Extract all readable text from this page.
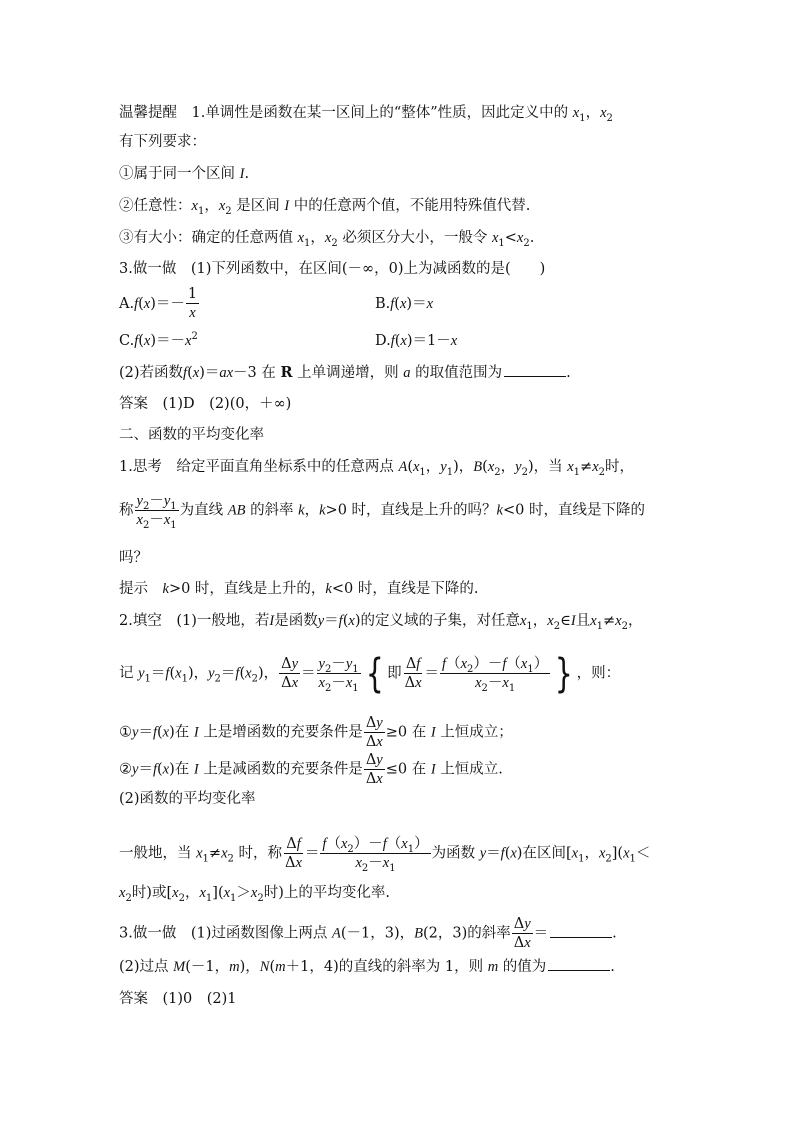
温馨提醒　 1.单调性是函数在某一区间上的“整体”性质，因此定义中的 $x_1$，$x_2$
有下列要求：
①属于同一个区间 I.
②任意性：$x_1$，$x_2$ 是区间 I 中的任意两个值，不能用特殊值代替.
③有大小：确定的任意两值 $x_1$，$x_2$ 必须区分大小，一般令 $x_1<x_2$.
3.做一做　 (1)下列函数中，在区间(－∞，0)上为减函数的是(　　)
$A.f(x)=- \frac{1}{x}$	B.f(x)＝x
$C.f(x)=-x^2$	D.f(x)＝1－x
(2)若函数f(x)＝ax－3 在 R 上单调递增，则 a 的取值范围为	.
答案　 (1)D　(2)(0，＋∞)
二、函数的平均变化率
1.思考　 给定平面直角坐标系中的任意两点 $A(x_1$，$y_1$)，$B(x_2$，$y_2$)，当 $x_1\ne x_2$时，
称 $\frac{y_2-y_1}{x_2-x_1}$ 为直线 AB 的斜率 k，k>0 时，直线是上升的吗？k<0 时，直线是下降的
吗？
提示　 k>0 时，直线是上升的，k<0 时，直线是下降的.
2.填空　 (1)一般地，若I是函数y＝f(x)的定义域的子集，对任意$x_1$，$x_2\in I$且$x_1\ne x_2$，
记 $y_1=f(x_1)$，$y_2=f(x_2)$， $\frac{\Delta y}{\Delta x} = \frac{y_2-y_1}{x_2-x_1}$ { 即 $\frac{\Delta f}{\Delta x} = \frac{f(x_2)-f(x_1)}{x_2-x_1}$ } ，则：
①y＝f(x)在 I 上是增函数的充要条件是 $\frac{\Delta y}{\Delta x} \ge 0$ 在 I 上恒成立；
②y＝f(x)在 I 上是减函数的充要条件是 $\frac{\Delta y}{\Delta x} \le 0$ 在 I 上恒成立.
(2)函数的平均变化率
一般地，当 $x_1\ne x_2$ 时，称 $\frac{\Delta f}{\Delta x} = \frac{f(x_2)-f(x_1)}{x_2-x_1}$ 为函数 y＝f(x)在区间[$x_1$，$x_2](x_1<$
$x_2$时)或[$x_2$，$x_1](x_1>x_2$时)上的平均变化率.
3.做一做　 (1)过函数图像上两点 A(－1，3)，B(2，3)的斜率 $\frac{\Delta y}{\Delta x}$ ＝	.
(2)过点 M(－1，m)，N(m＋1，4)的直线的斜率为 1，则 m 的值为	.
答案　 (1)0　(2)1
